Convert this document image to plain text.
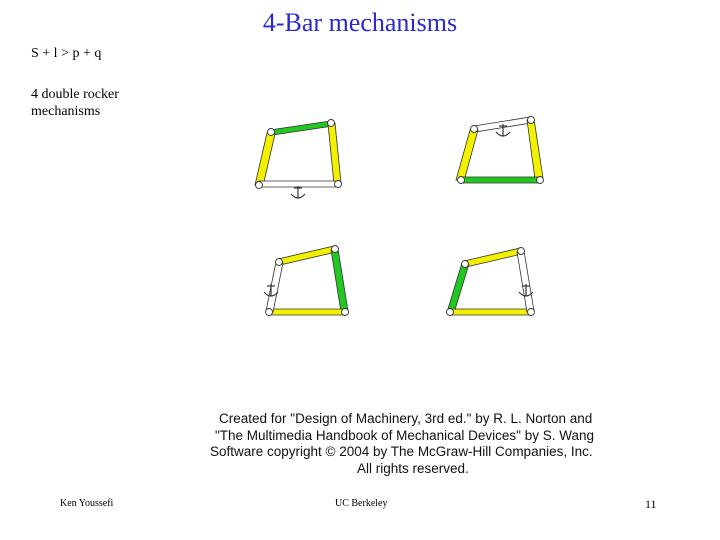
4-Bar mechanisms
S + l > p + q
4 double rocker mechanisms
Created for "Design of Machinery, 3rd ed." by R. L. Norton and
"The Multimedia Handbook of Mechanical Devices" by S. Wang
Software copyright © 2004 by The McGraw-Hill Companies, Inc.
All rights reserved.
Ken Youssefi	UC Berkeley	11
